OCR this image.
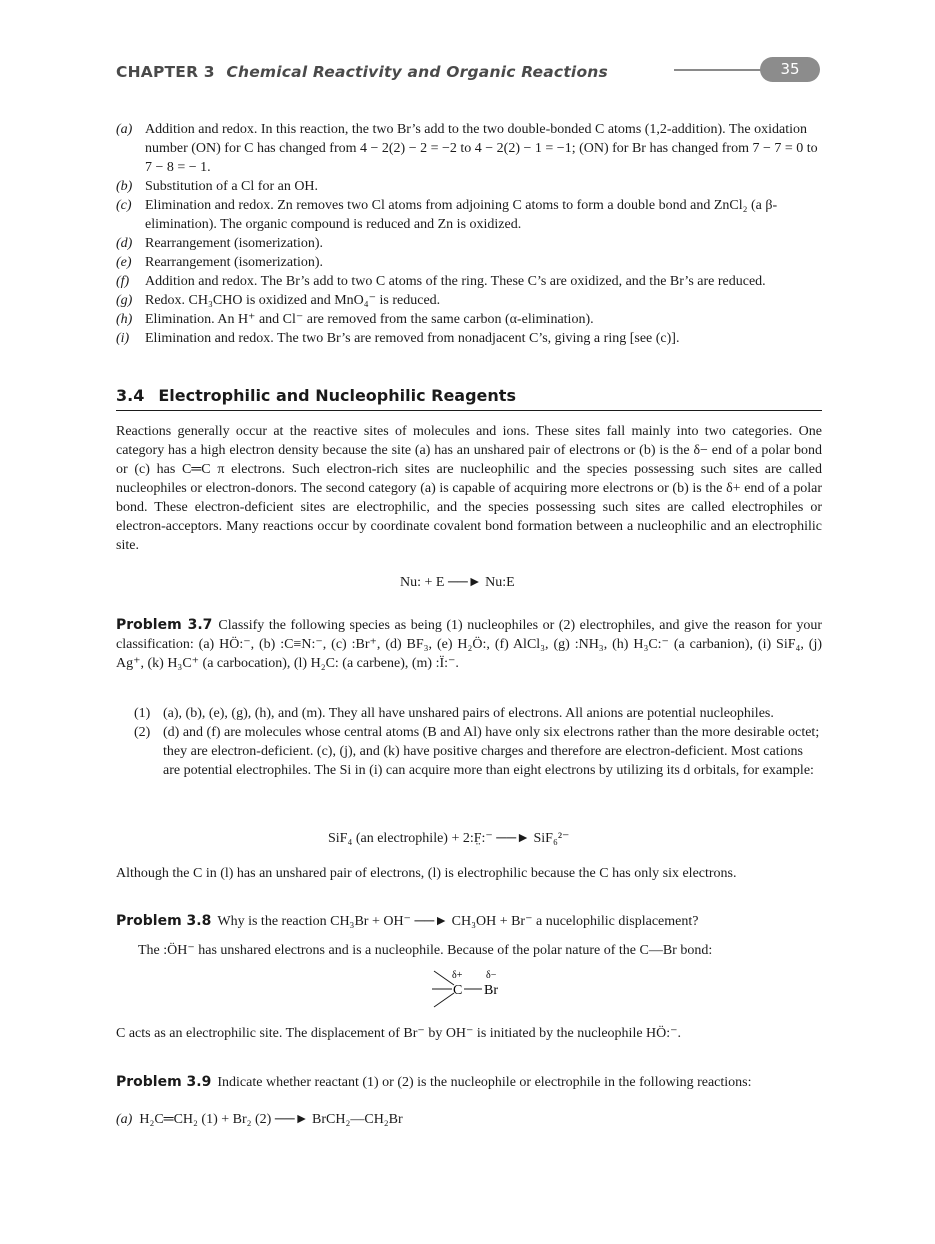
CHAPTER 3 Chemical Reactivity and Organic Reactions	35
(a) Addition and redox. In this reaction, the two Br’s add to the two double-bonded C atoms (1,2-addition). The oxidation number (ON) for C has changed from 4 − 2(2) − 2 = −2 to 4 − 2(2) − 1 = −1; (ON) for Br has changed from 7 − 7 = 0 to 7 − 8 = − 1.
(b) Substitution of a Cl for an OH.
(c) Elimination and redox. Zn removes two Cl atoms from adjoining C atoms to form a double bond and ZnCl₂ (a β-elimination). The organic compound is reduced and Zn is oxidized.
(d) Rearrangement (isomerization).
(e) Rearrangement (isomerization).
(f) Addition and redox. The Br’s add to two C atoms of the ring. These C’s are oxidized, and the Br’s are reduced.
(g) Redox. CH₃CHO is oxidized and MnO₄⁻ is reduced.
(h) Elimination. An H⁺ and Cl⁻ are removed from the same carbon (α-elimination).
(i) Elimination and redox. The two Br’s are removed from nonadjacent C’s, giving a ring [see (c)].
3.4 Electrophilic and Nucleophilic Reagents
Reactions generally occur at the reactive sites of molecules and ions. These sites fall mainly into two categories. One category has a high electron density because the site (a) has an unshared pair of electrons or (b) is the δ− end of a polar bond or (c) has C═C π electrons. Such electron-rich sites are nucleophilic and the species possessing such sites are called nucleophiles or electron-donors. The second category (a) is capable of acquiring more electrons or (b) is the δ+ end of a polar bond. These electron-deficient sites are electrophilic, and the species possessing such sites are called electrophiles or electron-acceptors. Many reactions occur by coordinate covalent bond formation between a nucleophilic and an electrophilic site.
Nu: + E ──► Nu:E
Problem 3.7 Classify the following species as being (1) nucleophiles or (2) electrophiles, and give the reason for your classification: (a) HÖ:⁻, (b) :C≡N:⁻, (c) :Br⁺, (d) BF₃, (e) H₂Ö:, (f) AlCl₃, (g) :NH₃, (h) H₃C:⁻ (a carbanion), (i) SiF₄, (j) Ag⁺, (k) H₃C⁺ (a carbocation), (l) H₂C: (a carbene), (m) :Ï:⁻.
(1) (a), (b), (e), (g), (h), and (m). They all have unshared pairs of electrons. All anions are potential nucleophiles.
(2) (d) and (f) are molecules whose central atoms (B and Al) have only six electrons rather than the more desirable octet; they are electron-deficient. (c), (j), and (k) have positive charges and therefore are electron-deficient. Most cations are potential electrophiles. The Si in (i) can acquire more than eight electrons by utilizing its d orbitals, for example:
SiF₄ (an electrophile) + 2:F̤:⁻ ──► SiF₆²⁻
Although the C in (l) has an unshared pair of electrons, (l) is electrophilic because the C has only six electrons.
Problem 3.8 Why is the reaction CH₃Br + OH⁻ ──► CH₃OH + Br⁻ a nucelophilic displacement?
The :ÖH⁻ has unshared electrons and is a nucleophile. Because of the polar nature of the C—Br bond:
δ+
C
δ−
Br
C acts as an electrophilic site. The displacement of Br⁻ by OH⁻ is initiated by the nucleophile HÖ:⁻.
Problem 3.9 Indicate whether reactant (1) or (2) is the nucleophile or electrophile in the following reactions:
(a) H₂C═CH₂ (1) + Br₂ (2) ──► BrCH₂—CH₂Br
